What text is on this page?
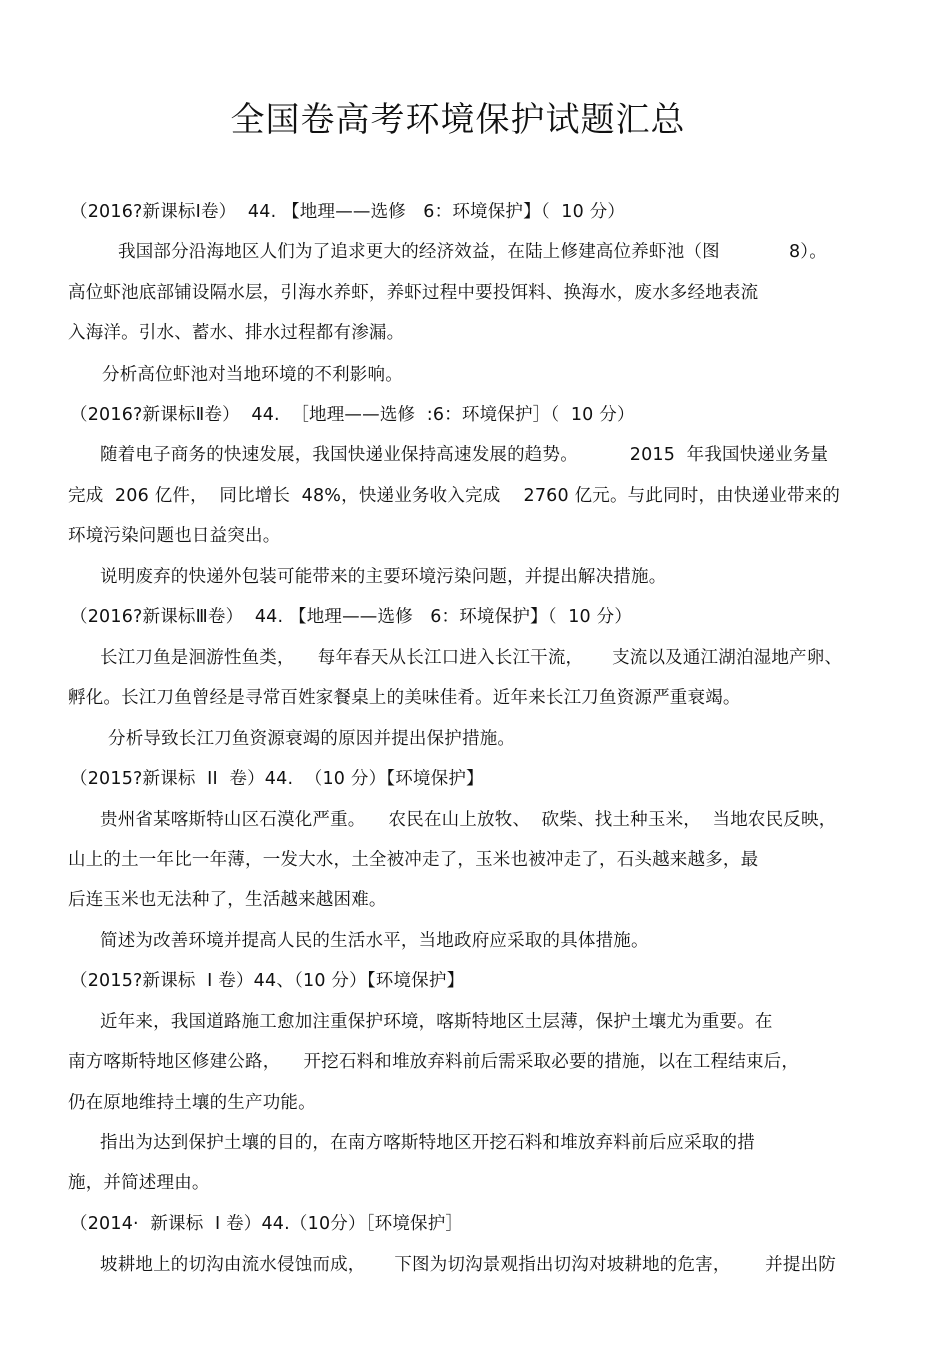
全国卷高考环境保护试题汇总
（2016?新课标Ⅰ卷）  44. 【地理——选修   6：环境保护】（  10 分）
我国部分沿海地区人们为了追求更大的经济效益，在陆上修建高位养虾池（图            8）。
高位虾池底部铺设隔水层，引海水养虾，养虾过程中要投饵料、换海水，废水多经地表流
入海洋。引水、蓄水、排水过程都有渗漏。
分析高位虾池对当地环境的不利影响。
（2016?新课标Ⅱ卷）  44.  ［地理——选修  :6：环境保护］（  10 分）
随着电子商务的快速发展，我国快递业保持高速发展的趋势。         2015  年我国快递业务量
完成  206 亿件，  同比增长  48%，快递业务收入完成    2760 亿元。与此同时，由快递业带来的
环境污染问题也日益突出。
说明废弃的快递外包装可能带来的主要环境污染问题，并提出解决措施。
（2016?新课标Ⅲ卷）  44. 【地理——选修   6：环境保护】（  10 分）
长江刀鱼是洄游性鱼类，    每年春天从长江口进入长江干流，     支流以及通江湖泊湿地产卵、
孵化。长江刀鱼曾经是寻常百姓家餐桌上的美味佳肴。近年来长江刀鱼资源严重衰竭。
分析导致长江刀鱼资源衰竭的原因并提出保护措施。
（2015?新课标  II  卷）44.  （10 分）【环境保护】
贵州省某喀斯特山区石漠化严重。    农民在山上放牧、  砍柴、找土种玉米，  当地农民反映，
山上的土一年比一年薄，一发大水，土全被冲走了，玉米也被冲走了，石头越来越多，最
后连玉米也无法种了，生活越来越困难。
简述为改善环境并提高人民的生活水平，当地政府应采取的具体措施。
（2015?新课标  I 卷）44、（10 分）【环境保护】
近年来，我国道路施工愈加注重保护环境，喀斯特地区土层薄，保护土壤尤为重要。在
南方喀斯特地区修建公路，    开挖石料和堆放弃料前后需采取必要的措施，以在工程结束后，
仍在原地维持土壤的生产功能。
指出为达到保护土壤的目的，在南方喀斯特地区开挖石料和堆放弃料前后应采取的措
施，并简述理由。
（2014·  新课标  I 卷）44.（10分）［环境保护］
坡耕地上的切沟由流水侵蚀而成，     下图为切沟景观指出切沟对坡耕地的危害，      并提出防
